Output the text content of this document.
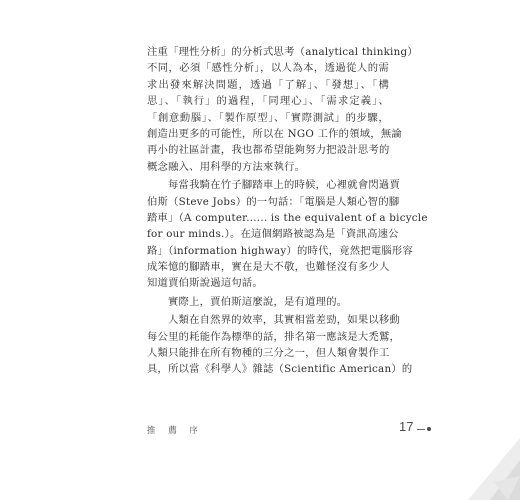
注重「理性分析」的分析式思考（analytical thinking）
不同，必須「感性分析」，以人為本，透過從人的需
求出發來解決問題，透過「了解」、「發想」、「構
思」、「執行」的過程，「同理心」、「需求定義」、
「創意動腦」、「製作原型」、「實際測試」的步驟，
創造出更多的可能性，所以在 NGO 工作的領域，無論
再小的社區計畫，我也都希望能夠努力把設計思考的
概念融入、用科學的方法來執行。
每當我騎在竹子腳踏車上的時候，心裡就會閃過賈
伯斯（Steve Jobs）的一句話：「電腦是人類心智的腳
踏車」（A computer...... is the equivalent of a bicycle
for our minds.）。在這個網路被認為是「資訊高速公
路」（information highway）的時代，竟然把電腦形容
成笨憶的腳踏車，實在是大不敬，也難怪沒有多少人
知道賈伯斯說過這句話。
實際上，賈伯斯這麼說，是有道理的。
人類在自然界的效率，其實相當差勁，如果以移動
每公里的耗能作為標準的話，排名第一應該是大禿鷲，
人類只能排在所有物種的三分之一，但人類會製作工
具，所以當《科學人》雜誌（Scientific American）的
推 薦 序	17
